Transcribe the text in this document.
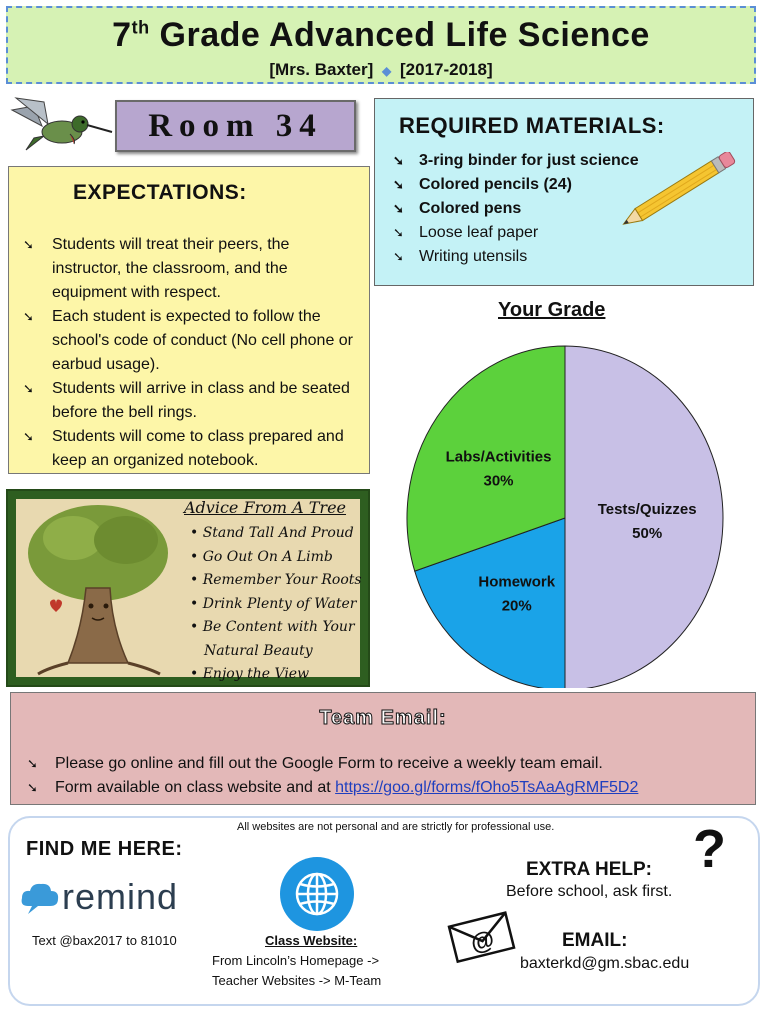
7th Grade Advanced Life Science
[Mrs. Baxter] ◆ [2017-2018]
Room 34	REQUIRED MATERIALS:
➘ 3-ring binder for just science
➘ Colored pencils (24)
➘ Colored pens
➘ Loose leaf paper
➘ Writing utensils
EXPECTATIONS:
➘ Students will treat their peers, the instructor, the classroom, and the equipment with respect.
➘ Each student is expected to follow the school's code of conduct (No cell phone or earbud usage).
➘ Students will arrive in class and be seated before the bell rings.
➘ Students will come to class prepared and keep an organized notebook.
Your Grade
Tests/Quizzes
50%
Homework
20%
Labs/Activities
30%
Advice From A Tree
• Stand Tall And Proud
• Go Out On A Limb
• Remember Your Roots
• Drink Plenty of Water
• Be Content with Your
Natural Beauty
• Enjoy the View
Team Email:
➘ Please go online and fill out the Google Form to receive a weekly team email.
➘ Form available on class website and at https://goo.gl/forms/fOho5TsAaAgRMF5D2
All websites are not personal and are strictly for professional use.
FIND ME HERE:
remind
Text @bax2017 to 81010	Class Website:
From Lincoln’s Homepage ->
Teacher Websites -> M-Team
EXTRA HELP: ?
Before school, ask first.
@	EMAIL:
baxterkd@gm.sbac.edu
